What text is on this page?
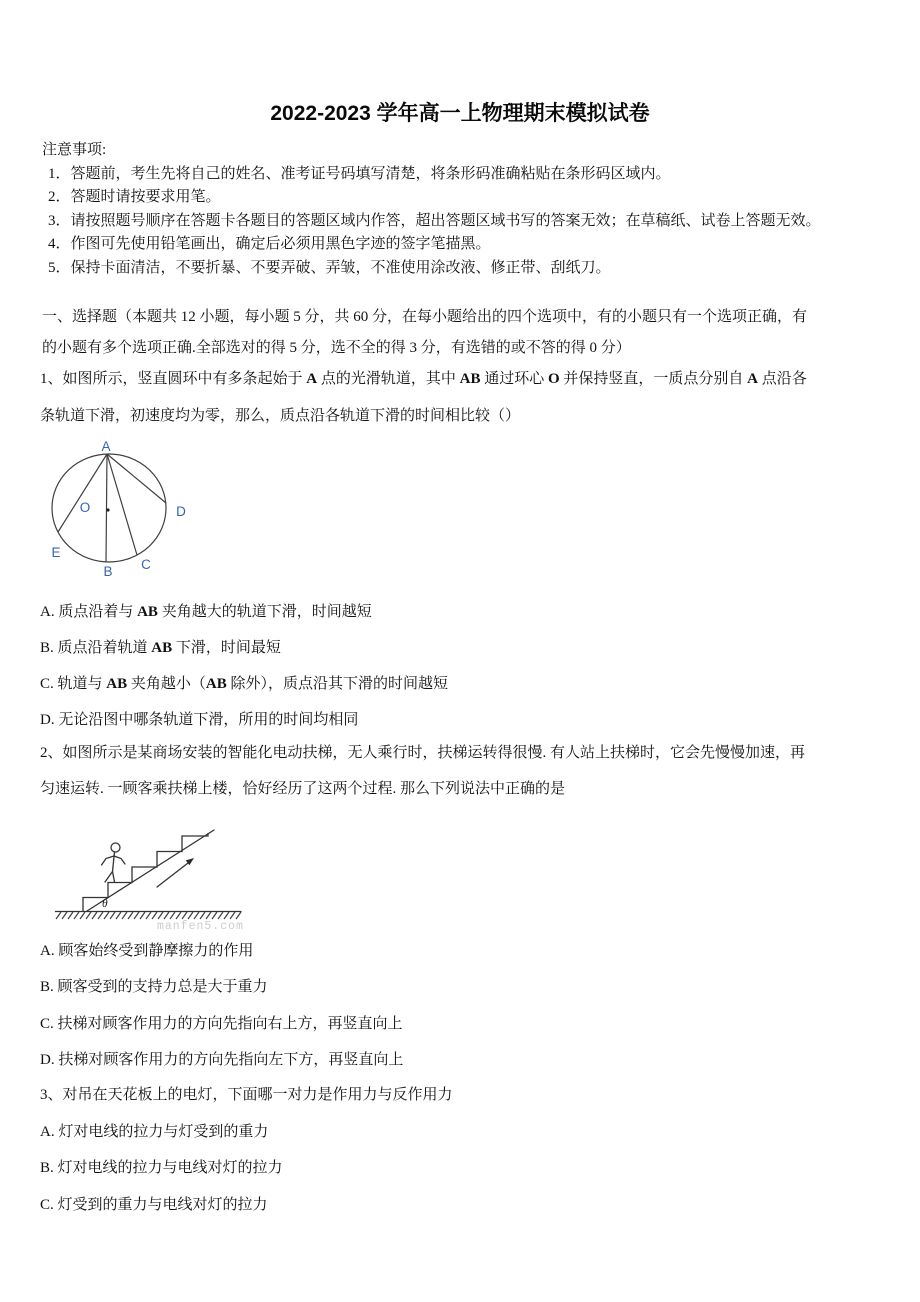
2022-2023 学年高一上物理期末模拟试卷
注意事项:
1．答题前，考生先将自己的姓名、准考证号码填写清楚，将条形码准确粘贴在条形码区域内。
2．答题时请按要求用笔。
3．请按照题号顺序在答题卡各题目的答题区域内作答，超出答题区域书写的答案无效；在草稿纸、试卷上答题无效。
4．作图可先使用铅笔画出，确定后必须用黑色字迹的签字笔描黑。
5．保持卡面清洁，不要折暴、不要弄破、弄皱，不准使用涂改液、修正带、刮纸刀。
一、选择题（本题共 12 小题，每小题 5 分，共 60 分，在每小题给出的四个选项中，有的小题只有一个选项正确，有
的小题有多个选项正确.全部选对的得 5 分，选不全的得 3 分，有选错的或不答的得 0 分）
1、如图所示，竖直圆环中有多条起始于 A 点的光滑轨道，其中 AB 通过环心 O 并保持竖直，一质点分别自 A 点沿各
条轨道下滑，初速度均为零，那么，质点沿各轨道下滑的时间相比较（）
A
O	D
E
B C
A. 质点沿着与 AB 夹角越大的轨道下滑，时间越短
B. 质点沿着轨道 AB 下滑，时间最短
C. 轨道与 AB 夹角越小（AB 除外），质点沿其下滑的时间越短
D. 无论沿图中哪条轨道下滑，所用的时间均相同
2、如图所示是某商场安装的智能化电动扶梯，无人乘行时，扶梯运转得很慢. 有人站上扶梯时，它会先慢慢加速，再
匀速运转. 一顾客乘扶梯上楼，恰好经历了这两个过程. 那么下列说法中正确的是
θ
manfen5.com
A. 顾客始终受到静摩擦力的作用
B. 顾客受到的支持力总是大于重力
C. 扶梯对顾客作用力的方向先指向右上方，再竖直向上
D. 扶梯对顾客作用力的方向先指向左下方，再竖直向上
3、对吊在天花板上的电灯，下面哪一对力是作用力与反作用力
A. 灯对电线的拉力与灯受到的重力
B. 灯对电线的拉力与电线对灯的拉力
C. 灯受到的重力与电线对灯的拉力
